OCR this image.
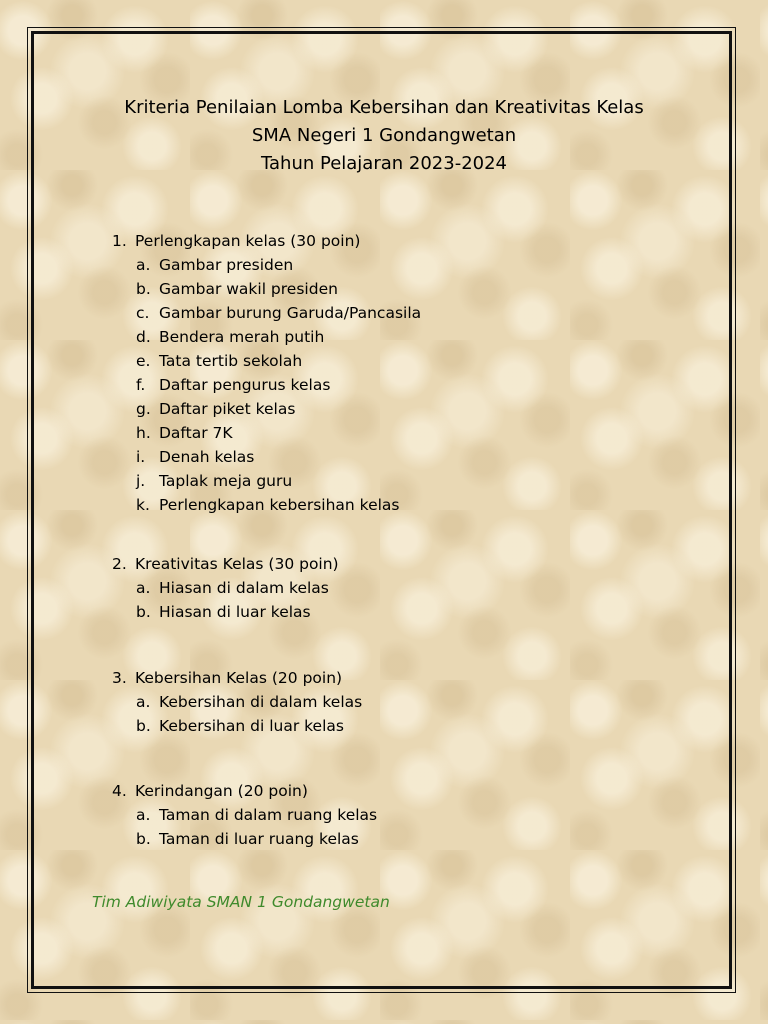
Kriteria Penilaian Lomba Kebersihan dan Kreativitas Kelas
SMA Negeri 1 Gondangwetan
Tahun Pelajaran 2023-2024
1. Perlengkapan kelas (30 poin)
a. Gambar presiden
b. Gambar wakil presiden
c. Gambar burung Garuda/Pancasila
d. Bendera merah putih
e. Tata tertib sekolah
f. Daftar pengurus kelas
g. Daftar piket kelas
h. Daftar 7K
i. Denah kelas
j. Taplak meja guru
k. Perlengkapan kebersihan kelas
2. Kreativitas Kelas (30 poin)
a. Hiasan di dalam kelas
b. Hiasan di luar kelas
3. Kebersihan Kelas (20 poin)
a. Kebersihan di dalam kelas
b. Kebersihan di luar kelas
4. Kerindangan (20 poin)
a. Taman di dalam ruang kelas
b. Taman di luar ruang kelas
Tim Adiwiyata SMAN 1 Gondangwetan
